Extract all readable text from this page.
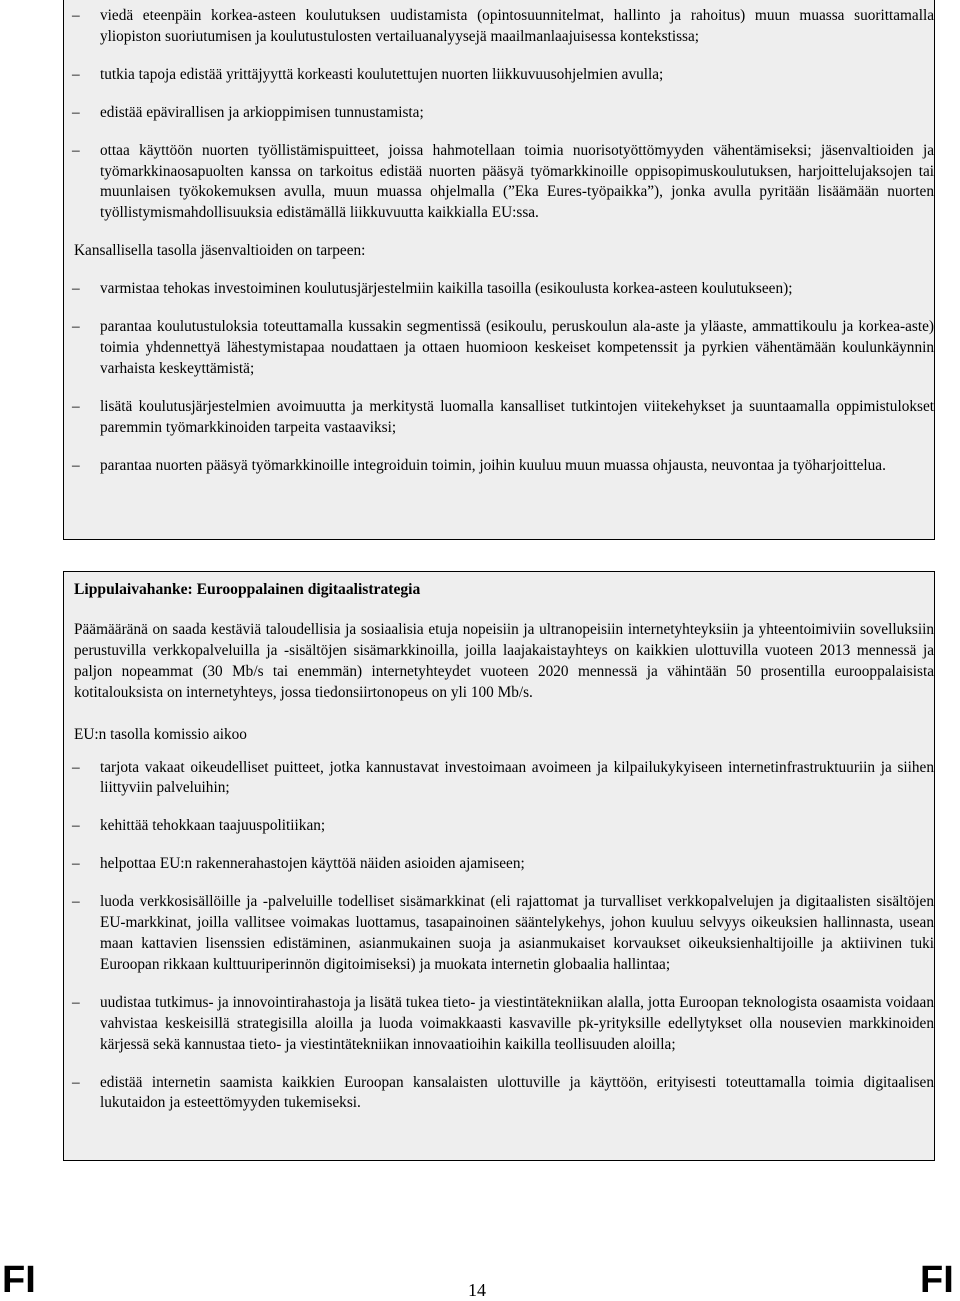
– viedä eteenpäin korkea-asteen koulutuksen uudistamista (opintosuunnitelmat, hallinto ja rahoitus) muun muassa suorittamalla yliopiston suoriutumisen ja koulutustulosten vertailuanalyysejä maailmanlaajuisessa kontekstissa;

– tutkia tapoja edistää yrittäjyyttä korkeasti koulutettujen nuorten liikkuvuusohjelmien avulla;

– edistää epävirallisen ja arkioppimisen tunnustamista;

– ottaa käyttöön nuorten työllistämispuitteet, joissa hahmotellaan toimia nuorisotyöttömyyden vähentämiseksi; jäsenvaltioiden ja työmarkkinaosapuolten kanssa on tarkoitus edistää nuorten pääsyä työmarkkinoille oppisopimuskoulutuksen, harjoittelujaksojen tai muunlaisen työkokemuksen avulla, muun muassa ohjelmalla (”Eka Eures-työpaikka”), jonka avulla pyritään lisäämään nuorten työllistymismahdollisuuksia edistämällä liikkuvuutta kaikkialla EU:ssa.

Kansallisella tasolla jäsenvaltioiden on tarpeen:

– varmistaa tehokas investoiminen koulutusjärjestelmiin kaikilla tasoilla (esikoulusta korkea-asteen koulutukseen);

– parantaa koulutustuloksia toteuttamalla kussakin segmentissä (esikoulu, peruskoulun ala-aste ja yläaste, ammattikoulu ja korkea-aste) toimia yhdennettyä lähestymistapaa noudattaen ja ottaen huomioon keskeiset kompetenssit ja pyrkien vähentämään koulunkäynnin varhaista keskeyttämistä;

– lisätä koulutusjärjestelmien avoimuutta ja merkitystä luomalla kansalliset tutkintojen viitekehykset ja suuntaamalla oppimistulokset paremmin työmarkkinoiden tarpeita vastaaviksi;

– parantaa nuorten pääsyä työmarkkinoille integroiduin toimin, joihin kuuluu muun muassa ohjausta, neuvontaa ja työharjoittelua.

Lippulaivahanke: Eurooppalainen digitaalistrategia

Päämääränä on saada kestäviä taloudellisia ja sosiaalisia etuja nopeisiin ja ultranopeisiin internetyhteyksiin ja yhteentoimiviin sovelluksiin perustuvilla verkkopalveluilla ja -sisältöjen sisämarkkinoilla, joilla laajakaistayhteys on kaikkien ulottuvilla vuoteen 2013 mennessä ja paljon nopeammat (30 Mb/s tai enemmän) internetyhteydet vuoteen 2020 mennessä ja vähintään 50 prosentilla eurooppalaisista kotitalouksista on internetyhteys, jossa tiedonsiirtonopeus on yli 100 Mb/s.

EU:n tasolla komissio aikoo

– tarjota vakaat oikeudelliset puitteet, jotka kannustavat investoimaan avoimeen ja kilpailukykyiseen internetinfrastruktuuriin ja siihen liittyviin palveluihin;

– kehittää tehokkaan taajuuspolitiikan;

– helpottaa EU:n rakennerahastojen käyttöä näiden asioiden ajamiseen;

– luoda verkkosisällöille ja -palveluille todelliset sisämarkkinat (eli rajattomat ja turvalliset verkkopalvelujen ja digitaalisten sisältöjen EU-markkinat, joilla vallitsee voimakas luottamus, tasapainoinen sääntelykehys, johon kuuluu selvyys oikeuksien hallinnasta, usean maan kattavien lisenssien edistäminen, asianmukainen suoja ja asianmukaiset korvaukset oikeuksienhaltijoille ja aktiivinen tuki Euroopan rikkaan kulttuuriperinnön digitoimiseksi) ja muokata internetin globaalia hallintaa;

– uudistaa tutkimus- ja innovointirahastoja ja lisätä tukea tieto- ja viestintätekniikan alalla, jotta Euroopan teknologista osaamista voidaan vahvistaa keskeisillä strategisilla aloilla ja luoda voimakkaasti kasvaville pk-yrityksille edellytykset olla nousevien markkinoiden kärjessä sekä kannustaa tieto- ja viestintätekniikan innovaatioihin kaikilla teollisuuden aloilla;

– edistää internetin saamista kaikkien Euroopan kansalaisten ulottuville ja käyttöön, erityisesti toteuttamalla toimia digitaalisen lukutaidon ja esteettömyyden tukemiseksi.

FI	14	FI
